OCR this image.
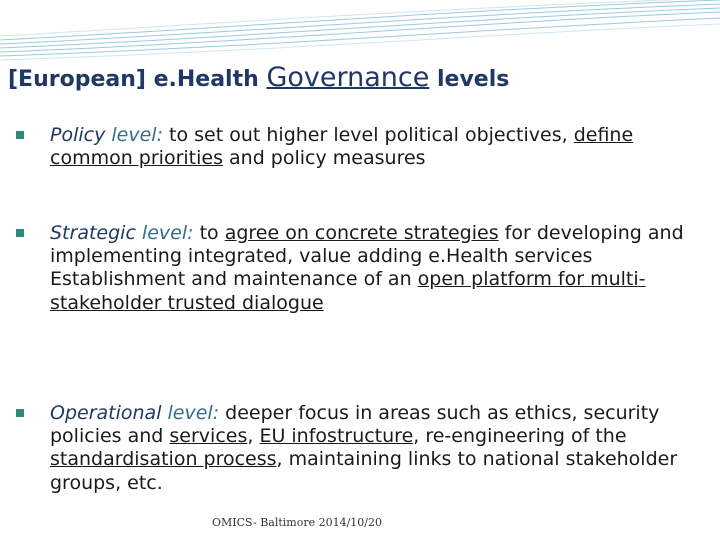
[European] e.Health Governance levels
Policy level: to set out higher level political objectives, define common priorities and policy measures
Strategic level: to agree on concrete strategies for developing and implementing integrated, value adding e.Health services
Establishment and maintenance of an open platform for multi-stakeholder trusted dialogue
Operational level: deeper focus in areas such as ethics, security policies and services, EU infostructure, re-engineering of the standardisation process, maintaining links to national stakeholder groups, etc.
OMICS- Baltimore 2014/10/20
